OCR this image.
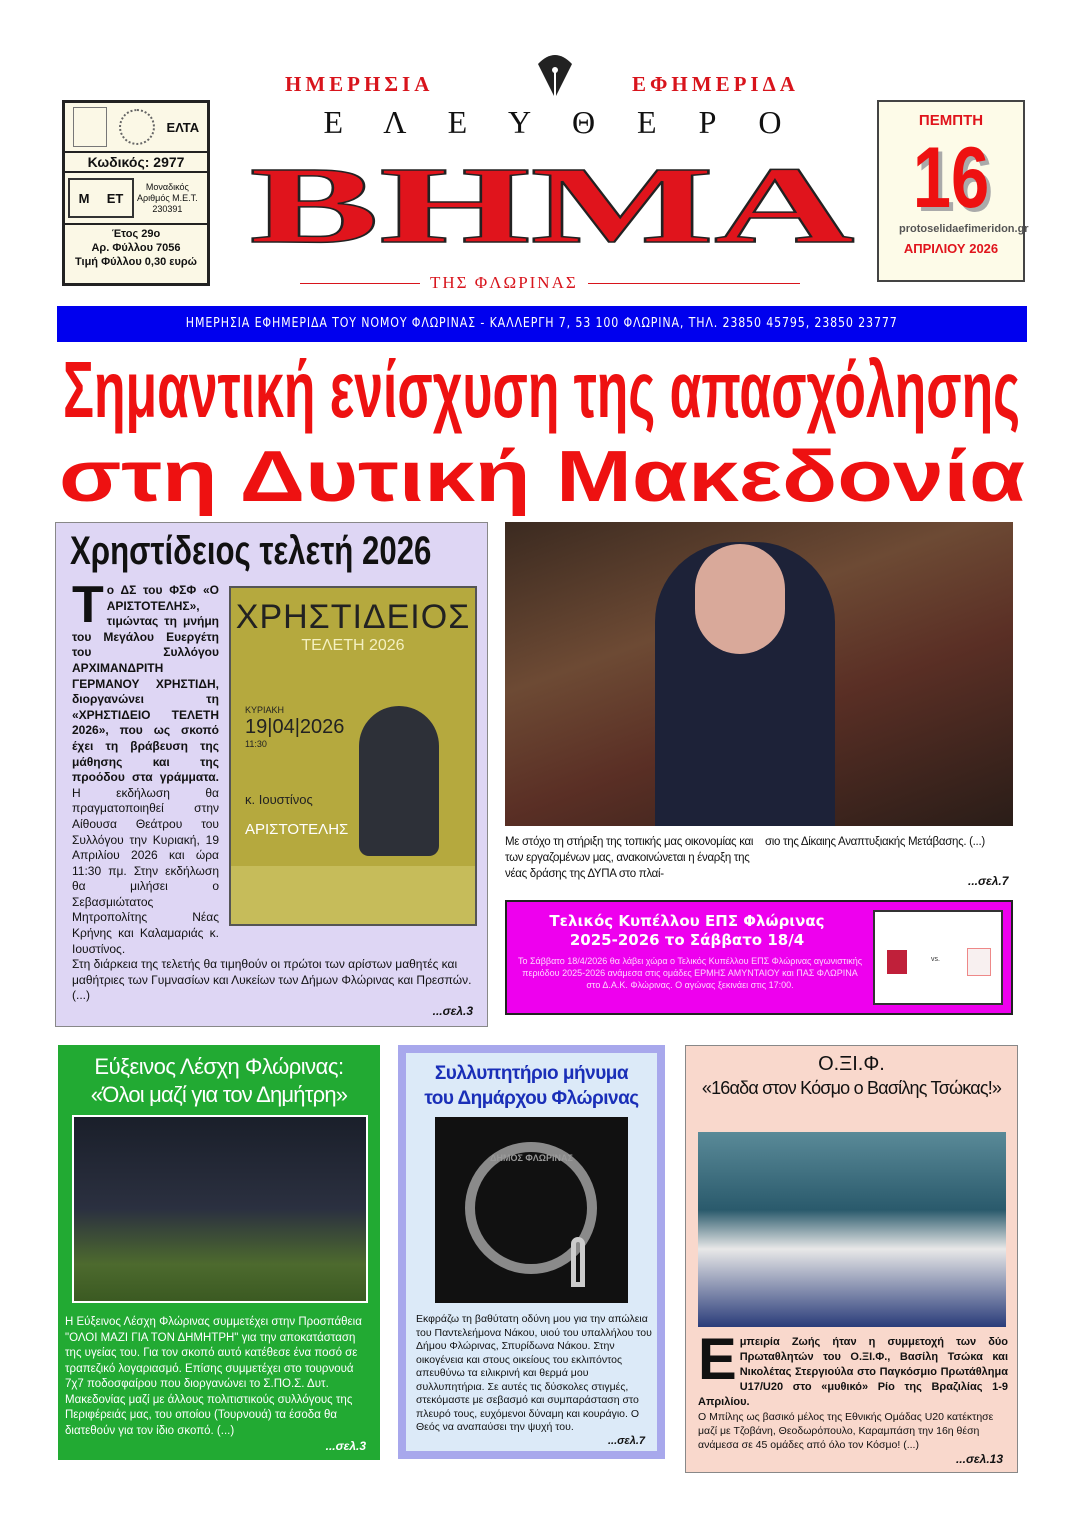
ΕΛΤΑ
Κωδικός: 2977
Μ ΕΤ
Μοναδικός
Αριθμός Μ.Ε.Τ.
230391
Έτος 29ο
Αρ. Φύλλου 7056
Τιμή Φύλλου 0,30 ευρώ
ΗΜΕΡΗΣΙΑ	ΕΦΗΜΕΡΙΔΑ
Ε Λ Ε Υ Θ Ε Ρ Ο
ΒΗΜΑ
ΤΗΣ ΦΛΩΡΙΝΑΣ
ΠΕΜΠΤΗ
16
protoselidaefimeridon.gr
ΑΠΡΙΛΙΟΥ 2026
ΗΜΕΡΗΣΙΑ ΕΦΗΜΕΡΙΔΑ ΤΟΥ ΝΟΜΟΥ ΦΛΩΡΙΝΑΣ - ΚΑΛΛΕΡΓΗ 7, 53 100 ΦΛΩΡΙΝΑ, ΤΗΛ. 23850 45795, 23850 23777
Σημαντική ενίσχυση της απασχόλησης
στη Δυτική Μακεδονία
Χρηστίδειος τελετή 2026
ΧΡΗΣΤΙΔΕΙΟΣ
ΤΕΛΕΤΗ 2026
ΚΥΡΙΑΚΗ
19|04|2026
11:30
κ. Ιουστίνος
ΑΡΙΣΤΟΤΕΛΗΣ
Το ΔΣ του ΦΣΦ «Ο ΑΡΙΣΤΟΤΕΛΗΣ», τιμώντας τη μνήμη του Μεγάλου Ευεργέτη του Συλλόγου ΑΡΧΙΜΑΝΔΡΙΤΗ ΓΕΡΜΑΝΟΥ ΧΡΗΣΤΙΔΗ, διοργανώνει τη «ΧΡΗΣΤΙΔΕΙΟ ΤΕΛΕΤΗ 2026», που ως σκοπό έχει τη βράβευση της μάθησης και της προόδου στα γράμματα. Η εκδήλωση θα πραγματοποιηθεί στην Αίθουσα Θεάτρου του Συλλόγου την Κυριακή, 19 Απριλίου 2026 και ώρα 11:30 πμ. Στην εκδήλωση θα μιλήσει ο Σεβασμιώτατος Μητροπολίτης Νέας Κρήνης και Καλαμαριάς κ. Ιουστίνος.
Στη διάρκεια της τελετής θα τιμηθούν οι πρώτοι των αρίστων μαθητές και μαθήτριες των Γυμνασίων και Λυκείων των Δήμων Φλώρινας και Πρεσπών. (...)
...σελ.3
Με στόχο τη στήριξη της τοπικής μας οικονομίας και των εργαζομένων μας, ανακοινώνεται η έναρξη της νέας δράσης της ΔΥΠΑ στο πλαί-
σιο της Δίκαιης Αναπτυξιακής Μετάβασης. (...)
...σελ.7
Τελικός Κυπέλλου ΕΠΣ Φλώρινας
2025-2026 το Σάββατο 18/4
Το Σάββατο 18/4/2026 θα λάβει χώρα ο Τελικός Κυπέλλου ΕΠΣ Φλώρινας αγωνιστικής περιόδου 2025-2026 ανάμεσα στις ομάδες ΕΡΜΗΣ ΑΜΥΝΤΑΙΟΥ και ΠΑΣ ΦΛΩΡΙΝΑ στο Δ.Α.Κ. Φλώρινας. Ο αγώνας ξεκινάει στις 17:00.
vs.
Εύξεινος Λέσχη Φλώρινας:
«Όλοι μαζί για τον Δημήτρη»
Η Εύξεινος Λέσχη Φλώρινας συμμετέχει στην Προσπάθεια "ΟΛΟΙ ΜΑΖΙ ΓΙΑ ΤΟΝ ΔΗΜΗΤΡΗ" για την αποκατάσταση της υγείας του. Για τον σκοπό αυτό κατέθεσε ένα ποσό σε τραπεζικό λογαριασμό. Επίσης συμμετέχει στο τουρνουά 7χ7 ποδοσφαίρου που διοργανώνει το Σ.ΠΟ.Σ. Δυτ. Μακεδονίας μαζί με άλλους πολιτιστικούς συλλόγους της Περιφέρειάς μας, του οποίου (Τουρνουά) τα έσοδα θα διατεθούν για τον ίδιο σκοπό. (...)
...σελ.3
Συλλυπητήριο μήνυμα
του Δημάρχου Φλώρινας
ΔΗΜΟΣ ΦΛΩΡΙΝΑΣ
Εκφράζω τη βαθύτατη οδύνη μου για την απώλεια του Παντελεήμονα Νάκου, υιού του υπαλλήλου του Δήμου Φλώρινας, Σπυρίδωνα Νάκου. Στην οικογένεια και στους οικείους του εκλιπόντος απευθύνω τα ειλικρινή και θερμά μου συλλυπητήρια. Σε αυτές τις δύσκολες στιγμές, στεκόμαστε με σεβασμό και συμπαράσταση στο πλευρό τους, ευχόμενοι δύναμη και κουράγιο. Ο Θεός να αναπαύσει την ψυχή του.
...σελ.7
Ο.ΞΙ.Φ.
«16αδα στον Κόσμο ο Βασίλης Τσώκας!»
Εμπειρία Ζωής ήταν η συμμετοχή των δύο Πρωταθλητών του Ο.ΞΙ.Φ., Βασίλη Τσώκα και Νικολέτας Στεργιούλα στο Παγκόσμιο Πρωτάθλημα U17/U20 στο «μυθικό» Ρίο της Βραζιλίας 1-9 Απριλίου.
Ο Μπίλης ως βασικό μέλος της Εθνικής Ομάδας U20 κατέκτησε μαζί με Τζοβάνη, Θεοδωρόπουλο, Καραμπάση την 16η θέση ανάμεσα σε 45 ομάδες από όλο τον Κόσμο! (...)
...σελ.13
